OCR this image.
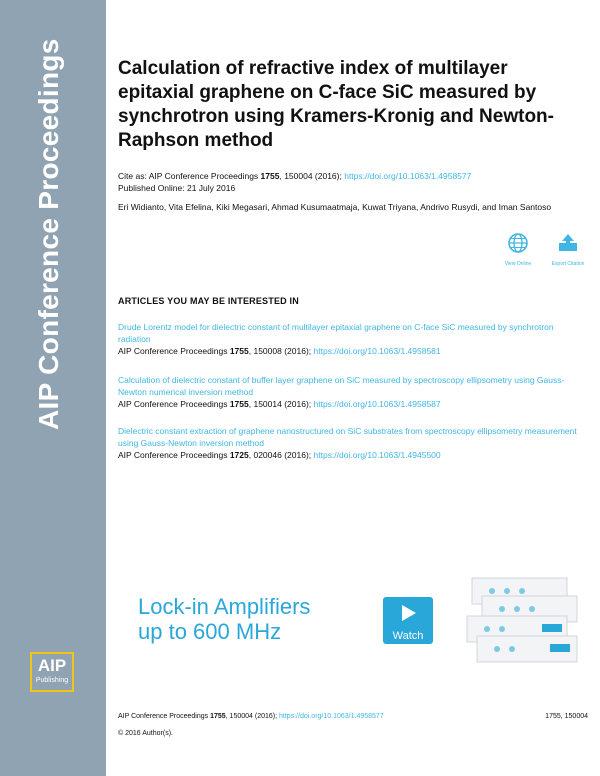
AIP Conference Proceedings
AIP
Publishing
Calculation of refractive index of multilayer epitaxial graphene on C-face SiC measured by synchrotron using Kramers-Kronig and Newton-Raphson method
Cite as: AIP Conference Proceedings 1755, 150004 (2016); https://doi.org/10.1063/1.4958577
Published Online: 21 July 2016
Eri Widianto, Vita Efelina, Kiki Megasari, Ahmad Kusumaatmaja, Kuwat Triyana, Andrivo Rusydi, and Iman Santoso
View Online	Export Citation
ARTICLES YOU MAY BE INTERESTED IN
Drude Lorentz model for dielectric constant of multilayer epitaxial graphene on C-face SiC measured by synchrotron radiation
AIP Conference Proceedings 1755, 150008 (2016); https://doi.org/10.1063/1.4958581
Calculation of dielectric constant of buffer layer graphene on SiC measured by spectroscopy ellipsometry using Gauss-Newton numerical inversion method
AIP Conference Proceedings 1755, 150014 (2016); https://doi.org/10.1063/1.4958587
Dielectric constant extraction of graphene nanostructured on SiC substrates from spectroscopy ellipsometry measurement using Gauss-Newton inversion method
AIP Conference Proceedings 1725, 020046 (2016); https://doi.org/10.1063/1.4945500
Lock-in Amplifiers
up to 600 MHz	Watch
AIP Conference Proceedings 1755, 150004 (2016); https://doi.org/10.1063/1.4958577	1755, 150004
© 2016 Author(s).
